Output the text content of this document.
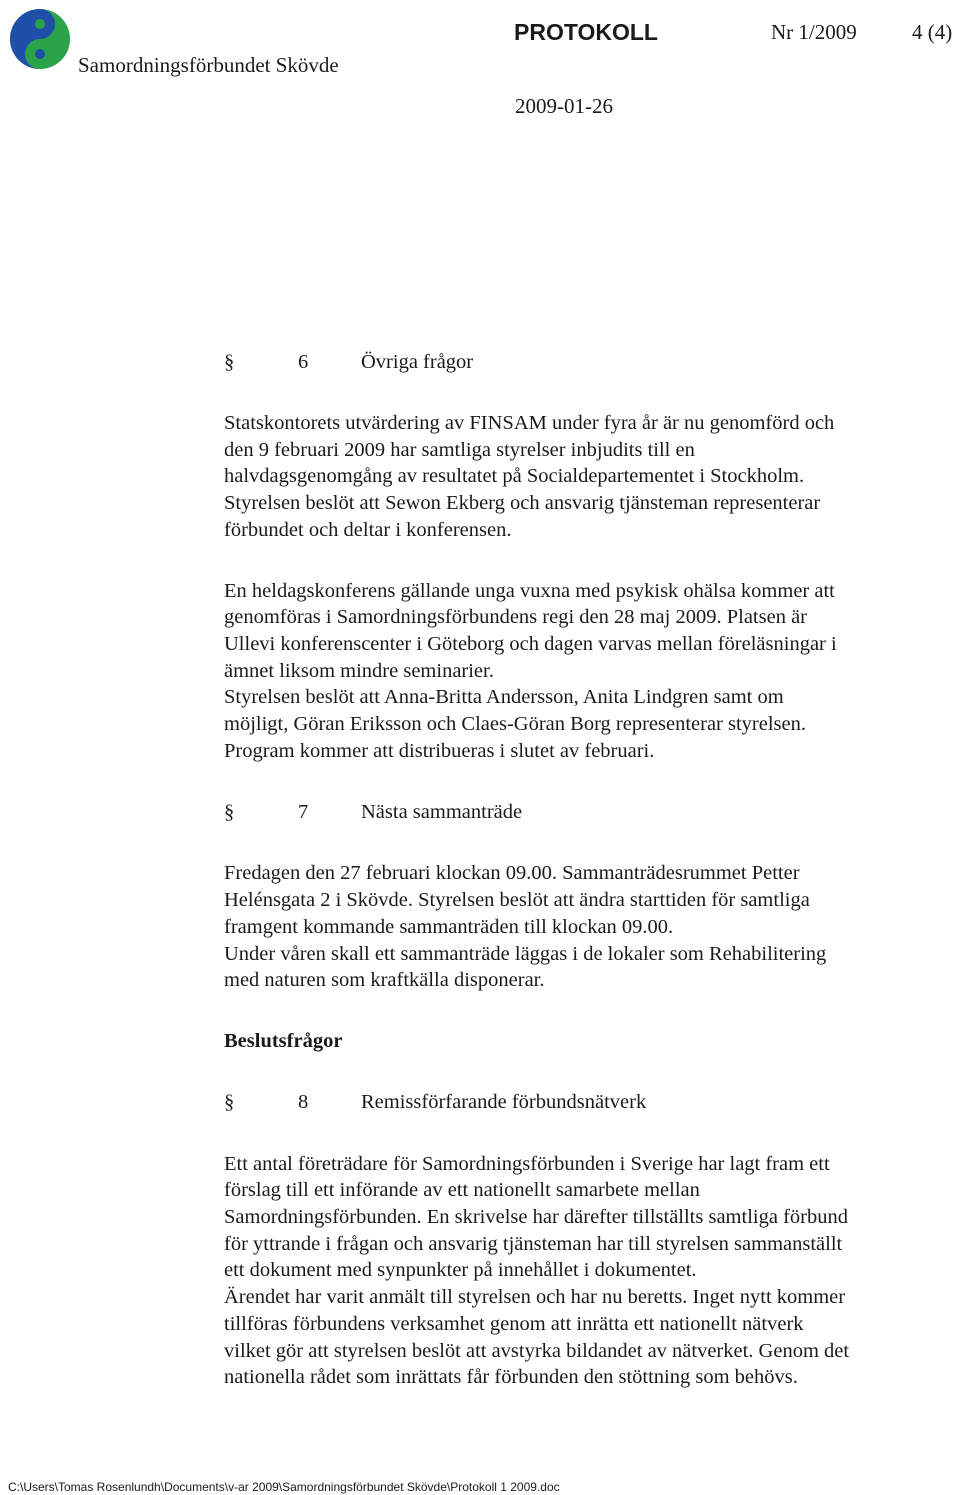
Samordningsförbundet Skövde
PROTOKOLL	Nr 1/2009	4 (4)
2009-01-26
§	6	Övriga frågor
Statskontorets utvärdering av FINSAM under fyra år är nu genomförd och
den 9 februari 2009 har samtliga styrelser inbjudits till en
halvdagsgenomgång av resultatet på Socialdepartementet i Stockholm.
Styrelsen beslöt att Sewon Ekberg och ansvarig tjänsteman representerar
förbundet och deltar i konferensen.
En heldagskonferens gällande unga vuxna med psykisk ohälsa kommer att
genomföras i Samordningsförbundens regi den 28 maj 2009. Platsen är
Ullevi konferenscenter i Göteborg och dagen varvas mellan föreläsningar i
ämnet liksom mindre seminarier.
Styrelsen beslöt att Anna-Britta Andersson, Anita Lindgren samt om
möjligt, Göran Eriksson och Claes-Göran Borg representerar styrelsen.
Program kommer att distribueras i slutet av februari.
§	7	Nästa sammanträde
Fredagen den 27 februari klockan 09.00. Sammanträdesrummet Petter
Helénsgata 2 i Skövde. Styrelsen beslöt att ändra starttiden för samtliga
framgent kommande sammanträden till klockan 09.00.
Under våren skall ett sammanträde läggas i de lokaler som Rehabilitering
med naturen som kraftkälla disponerar.
Beslutsfrågor
§	8	Remissförfarande förbundsnätverk
Ett antal företrädare för Samordningsförbunden i Sverige har lagt fram ett
förslag till ett införande av ett nationellt samarbete mellan
Samordningsförbunden. En skrivelse har därefter tillställts samtliga förbund
för yttrande i frågan och ansvarig tjänsteman har till styrelsen sammanställt
ett dokument med synpunkter på innehållet i dokumentet.
Ärendet har varit anmält till styrelsen och har nu beretts. Inget nytt kommer
tillföras förbundens verksamhet genom att inrätta ett nationellt nätverk
vilket gör att styrelsen beslöt att avstyrka bildandet av nätverket. Genom det
nationella rådet som inrättats får förbunden den stöttning som behövs.
C:\Users\Tomas Rosenlundh\Documents\v-ar 2009\Samordningsförbundet Skövde\Protokoll 1 2009.doc
